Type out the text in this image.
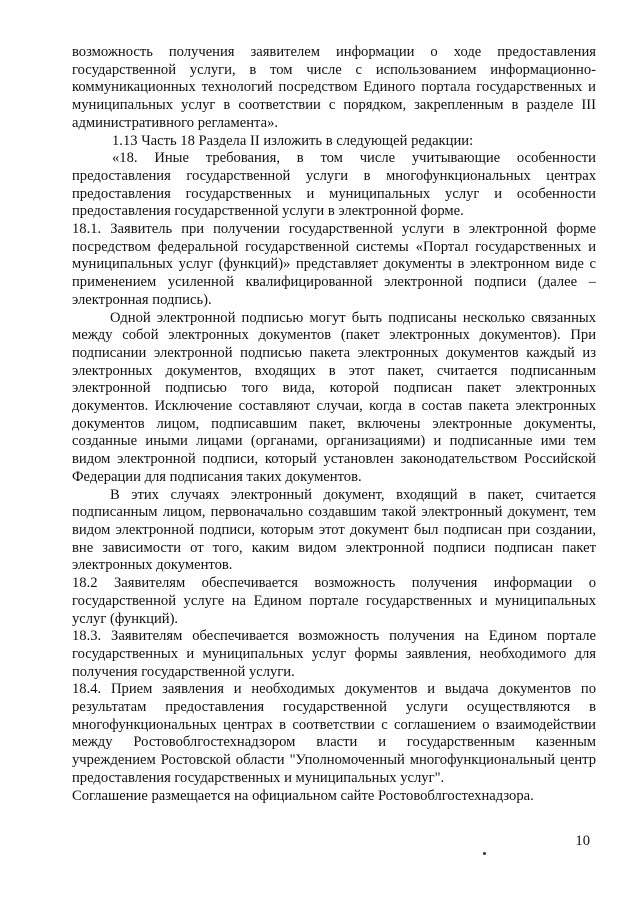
возможность получения заявителем информации о ходе предоставления государственной услуги, в том числе с использованием информационно-коммуникационных технологий посредством Единого портала государственных и муниципальных услуг в соответствии с порядком, закрепленным в разделе III административного регламента».

1.13 Часть 18 Раздела II изложить в следующей редакции:

«18. Иные требования, в том числе учитывающие особенности предоставления государственной услуги в многофункциональных центрах предоставления государственных и муниципальных услуг и особенности предоставления государственной услуги в электронной форме.

18.1. Заявитель при получении государственной услуги в электронной форме посредством федеральной государственной системы «Портал государственных и муниципальных услуг (функций)» представляет документы в электронном виде с применением усиленной квалифицированной электронной подписи (далее – электронная подпись).

Одной электронной подписью могут быть подписаны несколько связанных между собой электронных документов (пакет электронных документов). При подписании электронной подписью пакета электронных документов каждый из электронных документов, входящих в этот пакет, считается подписанным электронной подписью того вида, которой подписан пакет электронных документов. Исключение составляют случаи, когда в состав пакета электронных документов лицом, подписавшим пакет, включены электронные документы, созданные иными лицами (органами, организациями) и подписанные ими тем видом электронной подписи, который установлен законодательством Российской Федерации для подписания таких документов.

В этих случаях электронный документ, входящий в пакет, считается подписанным лицом, первоначально создавшим такой электронный документ, тем видом электронной подписи, которым этот документ был подписан при создании, вне зависимости от того, каким видом электронной подписи подписан пакет электронных документов.

18.2 Заявителям обеспечивается возможность получения информации о государственной услуге на Едином портале государственных и муниципальных услуг (функций).

18.3. Заявителям обеспечивается возможность получения на Едином портале государственных и муниципальных услуг формы заявления, необходимого для получения государственной услуги.

18.4. Прием заявления и необходимых документов и выдача документов по результатам предоставления государственной услуги осуществляются в многофункциональных центрах в соответствии с соглашением о взаимодействии между Ростовоблгостехнадзором власти и государственным казенным учреждением Ростовской области "Уполномоченный многофункциональный центр предоставления государственных и муниципальных услуг".

Соглашение размещается на официальном сайте Ростовоблгостехнадзора.

10
